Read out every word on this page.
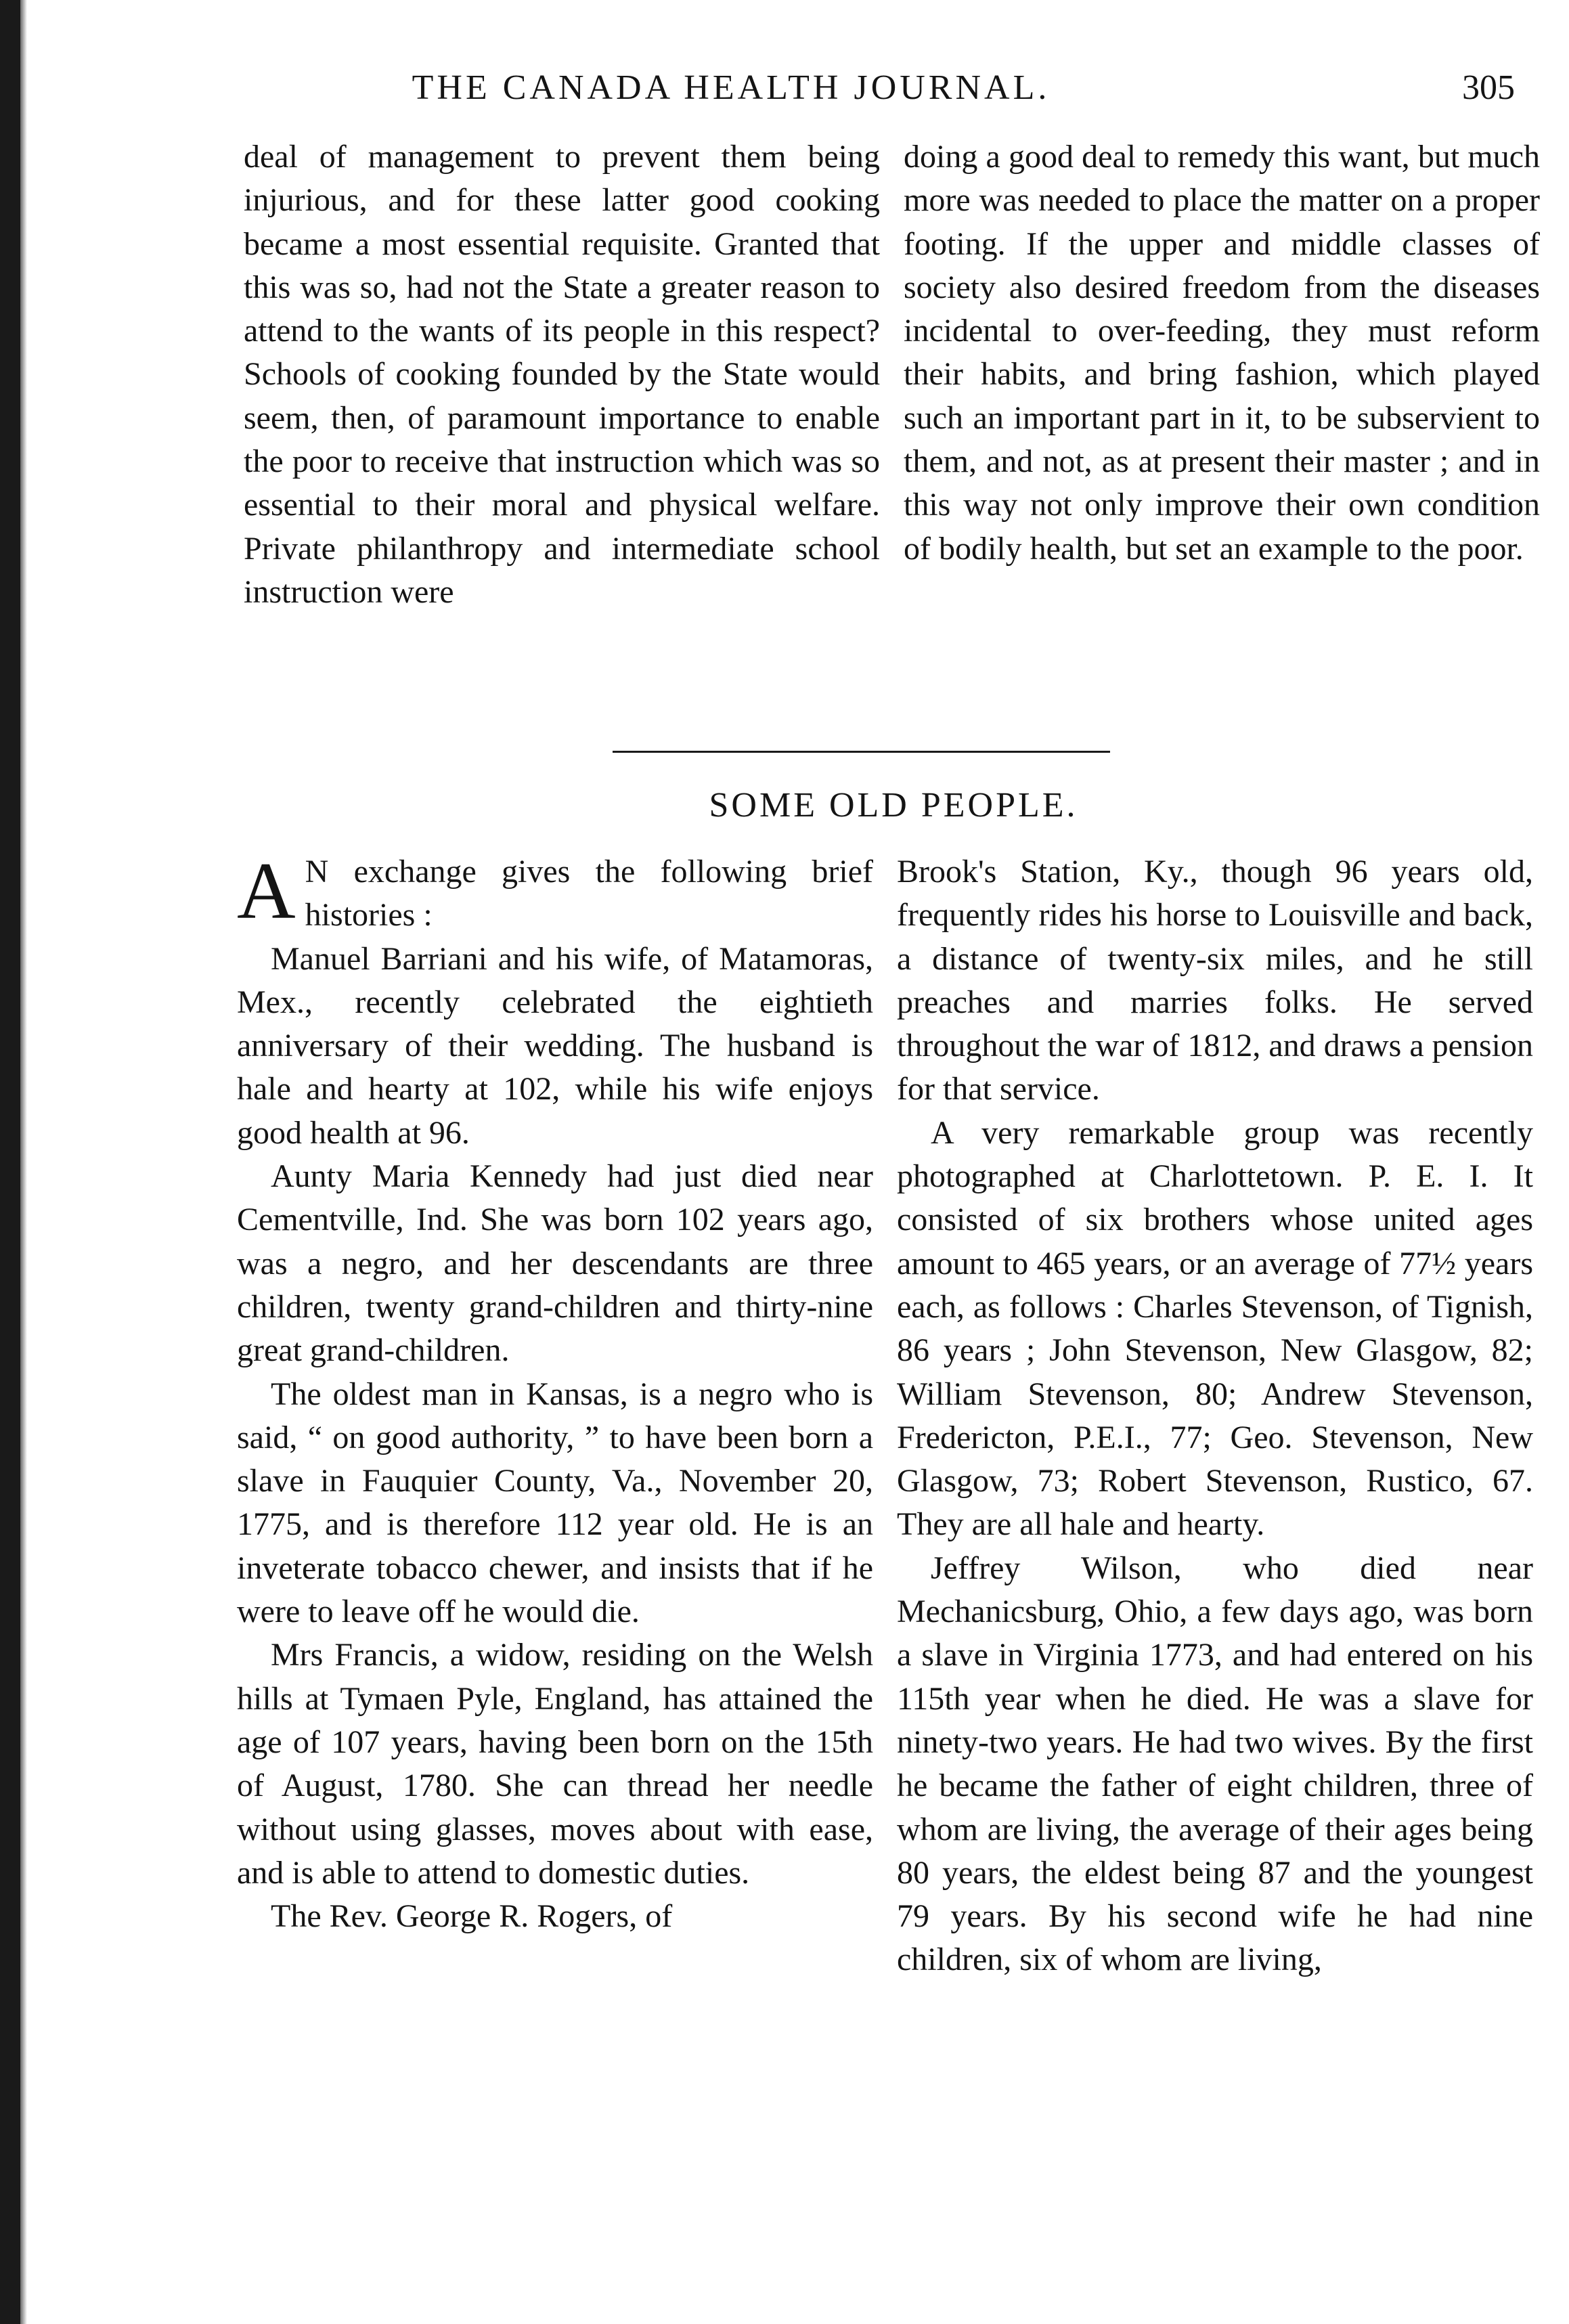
THE CANADA HEALTH JOURNAL.	305

deal of management to prevent them being injurious, and for these latter good cooking became a most essential requisite. Granted that this was so, had not the State a greater reason to attend to the wants of its people in this respect? Schools of cooking founded by the State would seem, then, of paramount importance to enable the poor to receive that instruction which was so essential to their moral and physical welfare. Private philanthropy and intermediate school instruction were

doing a good deal to remedy this want, but much more was needed to place the matter on a proper footing. If the upper and middle classes of society also desired freedom from the diseases incidental to over-feeding, they must reform their habits, and bring fashion, which played such an important part in it, to be subservient to them, and not, as at present their master ; and in this way not only improve their own condition of bodily health, but set an example to the poor.

SOME OLD PEOPLE.

A N exchange gives the following brief histories :

Manuel Barriani and his wife, of Matamoras, Mex., recently celebrated the eightieth anniversary of their wedding. The husband is hale and hearty at 102, while his wife enjoys good health at 96.

Aunty Maria Kennedy had just died near Cementville, Ind. She was born 102 years ago, was a negro, and her descendants are three children, twenty grand-children and thirty-nine great grand-children.

The oldest man in Kansas, is a negro who is said, “ on good authority, ” to have been born a slave in Fauquier County, Va., November 20, 1775, and is therefore 112 year old. He is an inveterate tobacco chewer, and insists that if he were to leave off he would die.

Mrs Francis, a widow, residing on the Welsh hills at Tymaen Pyle, England, has attained the age of 107 years, having been born on the 15th of August, 1780. She can thread her needle without using glasses, moves about with ease, and is able to attend to domestic duties.

The Rev. George R. Rogers, of

Brook's Station, Ky., though 96 years old, frequently rides his horse to Louisville and back, a distance of twenty-six miles, and he still preaches and marries folks. He served throughout the war of 1812, and draws a pension for that service.

A very remarkable group was recently photographed at Charlottetown. P. E. I. It consisted of six brothers whose united ages amount to 465 years, or an average of 77½ years each, as follows : Charles Stevenson, of Tignish, 86 years ; John Stevenson, New Glasgow, 82; William Stevenson, 80; Andrew Stevenson, Fredericton, P.E.I., 77; Geo. Stevenson, New Glasgow, 73; Robert Stevenson, Rustico, 67. They are all hale and hearty.

Jeffrey Wilson, who died near Mechanicsburg, Ohio, a few days ago, was born a slave in Virginia 1773, and had entered on his 115th year when he died. He was a slave for ninety-two years. He had two wives. By the first he became the father of eight children, three of whom are living, the average of their ages being 80 years, the eldest being 87 and the youngest 79 years. By his second wife he had nine children, six of whom are living,
